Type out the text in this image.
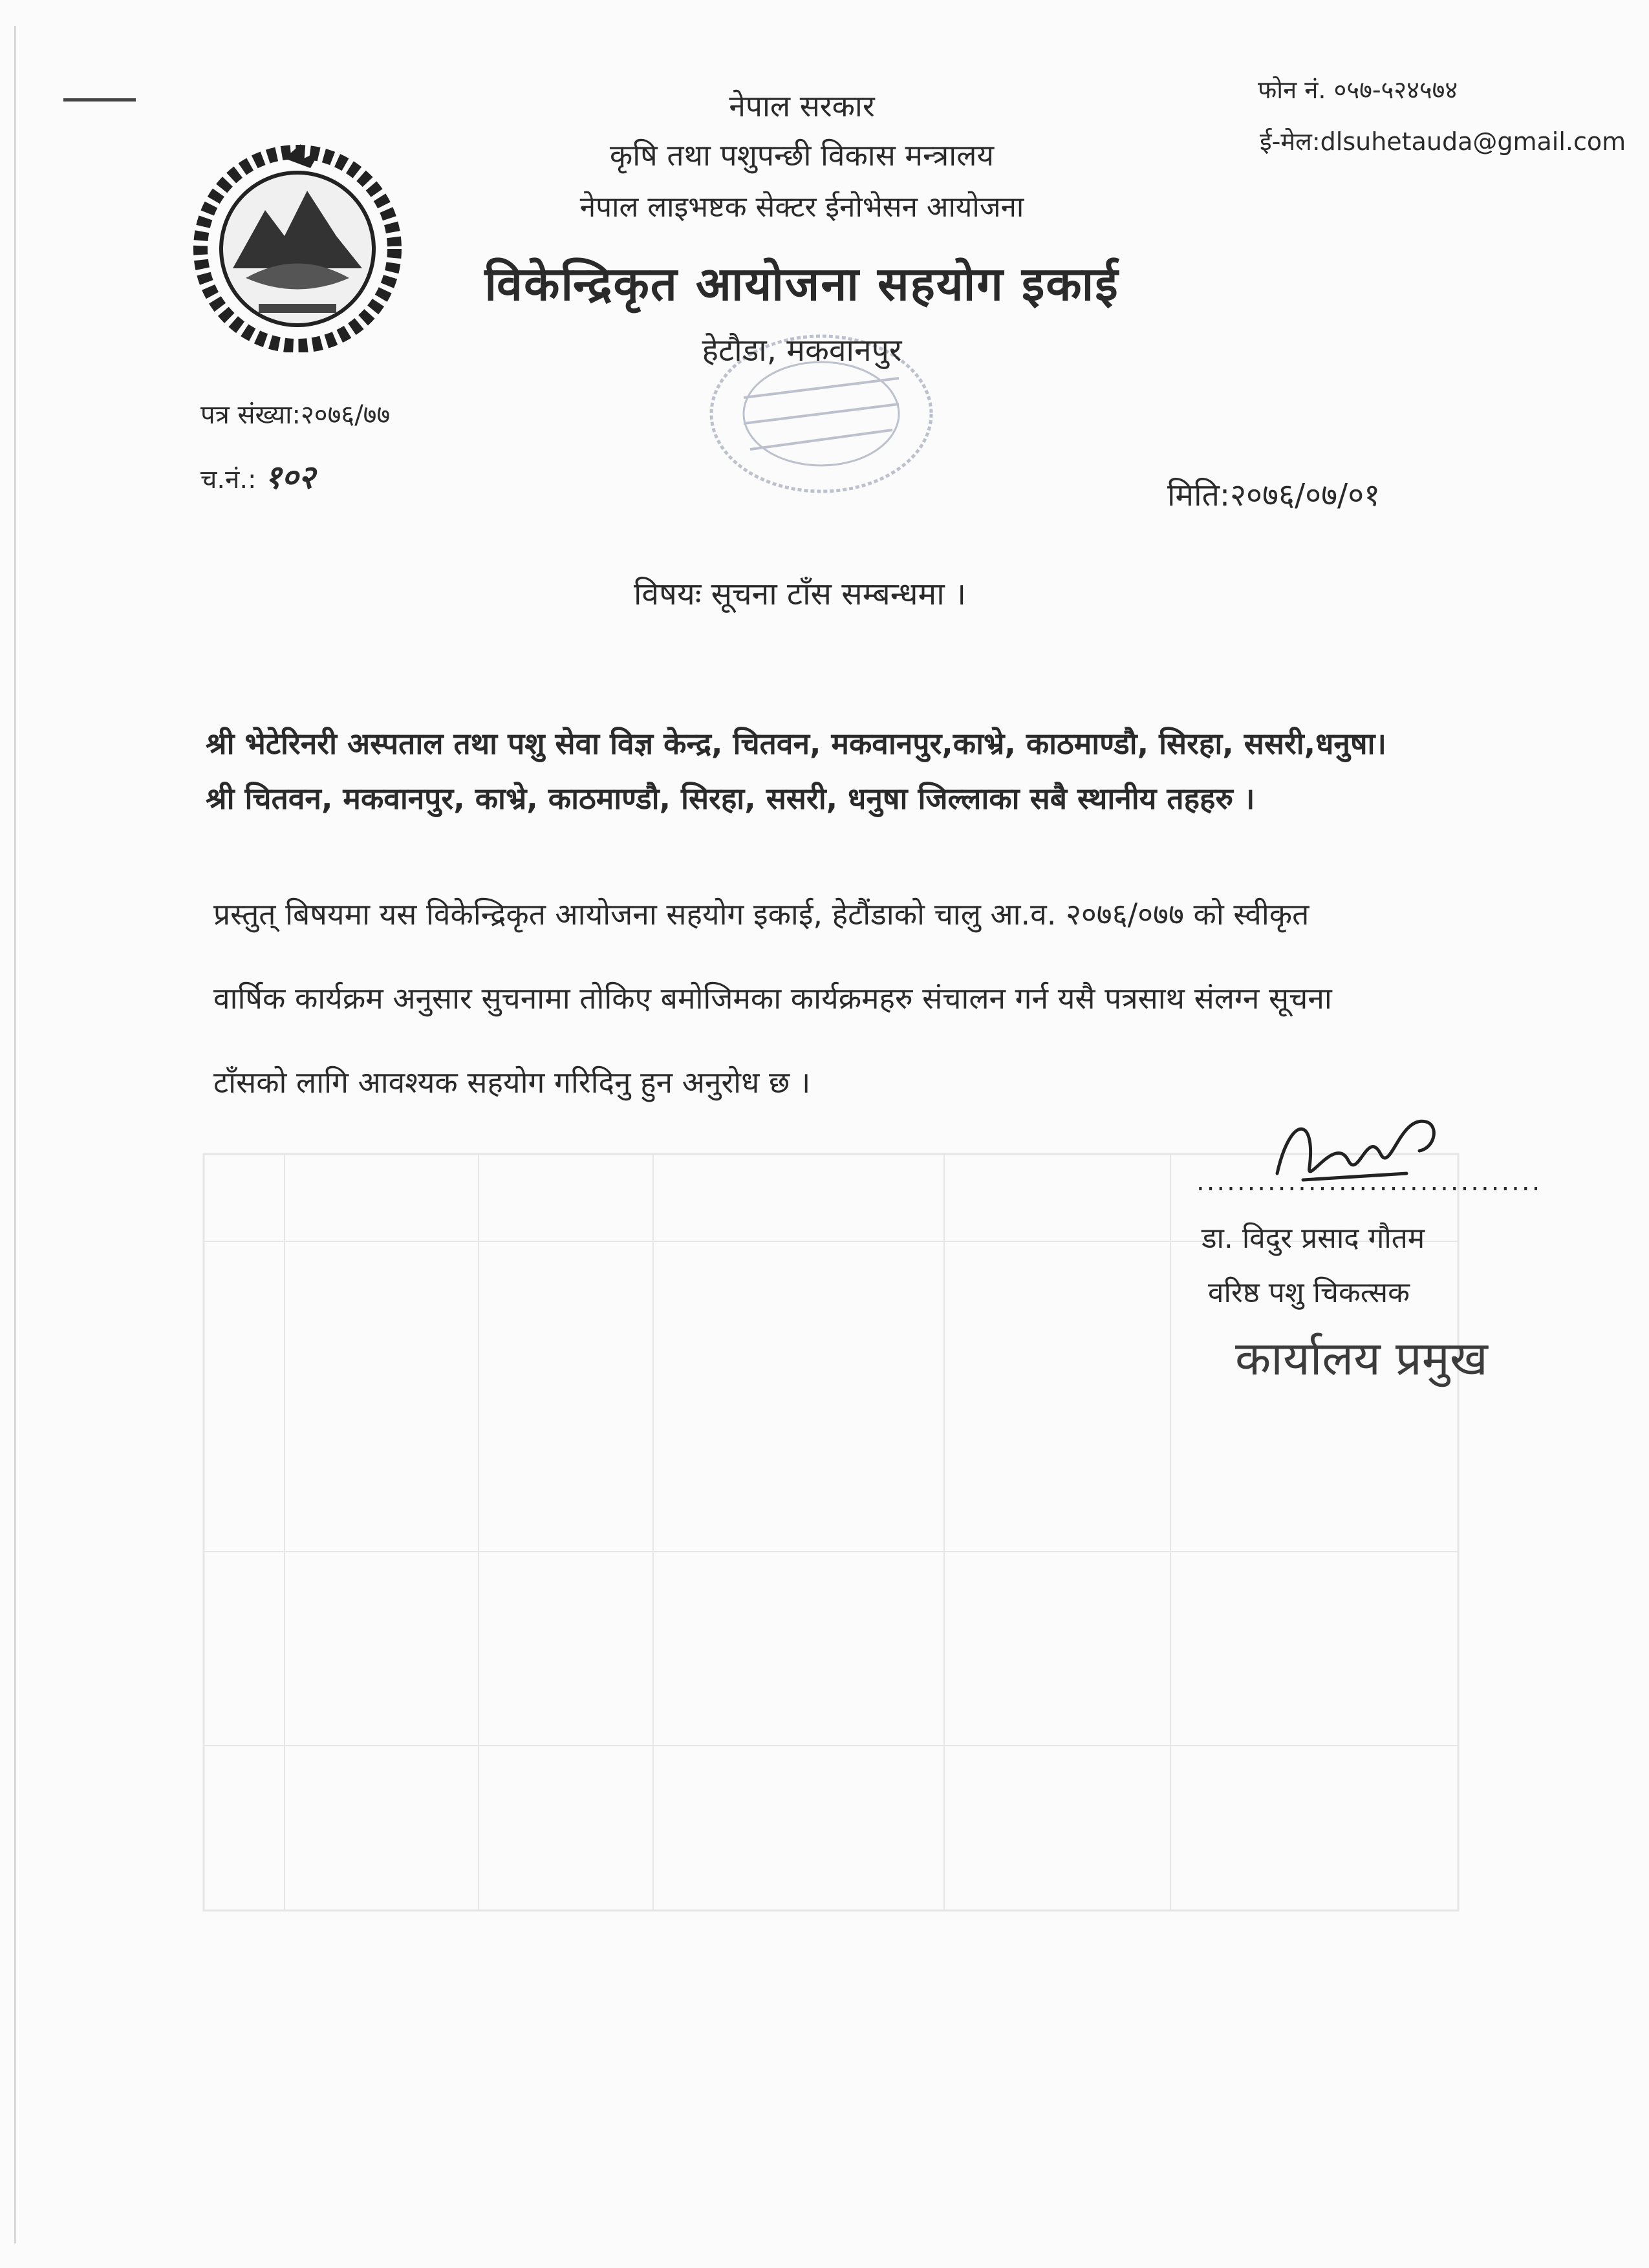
नेपाल सरकार
कृषि तथा पशुपन्छी विकास मन्त्रालय
नेपाल लाइभष्टक सेक्टर ईनोभेसन आयोजना
विकेन्द्रिकृत आयोजना सहयोग इकाई
हेटौडा, मकवानपुर
फोन नं. ०५७-५२४५७४
ई-मेल:dlsuhetauda@gmail.com
पत्र संख्या:२०७६/७७
च.नं.: १०२	मिति:२०७६/०७/०१
विषयः सूचना टाँस सम्बन्धमा ।
श्री भेटेरिनरी अस्पताल तथा पशु सेवा विज्ञ केन्द्र, चितवन, मकवानपुर,काभ्रे, काठमाण्डौ, सिरहा, ससरी,धनुषा।
श्री चितवन, मकवानपुर, काभ्रे, काठमाण्डौ, सिरहा, ससरी, धनुषा जिल्लाका सबै स्थानीय तहहरु ।
प्रस्तुत् बिषयमा यस विकेन्द्रिकृत आयोजना सहयोग इकाई, हेटौंडाको चालु आ.व. २०७६/०७७ को स्वीकृत
वार्षिक कार्यक्रम अनुसार सुचनामा तोकिए बमोजिमका कार्यक्रमहरु संचालन गर्न यसै पत्रसाथ संलग्न सूचना
टाँसको लागि आवश्यक सहयोग गरिदिनु हुन अनुरोध छ ।
..................................
डा. विदुर प्रसाद गौतम
वरिष्ठ पशु चिकत्सक
कार्यालय प्रमुख
